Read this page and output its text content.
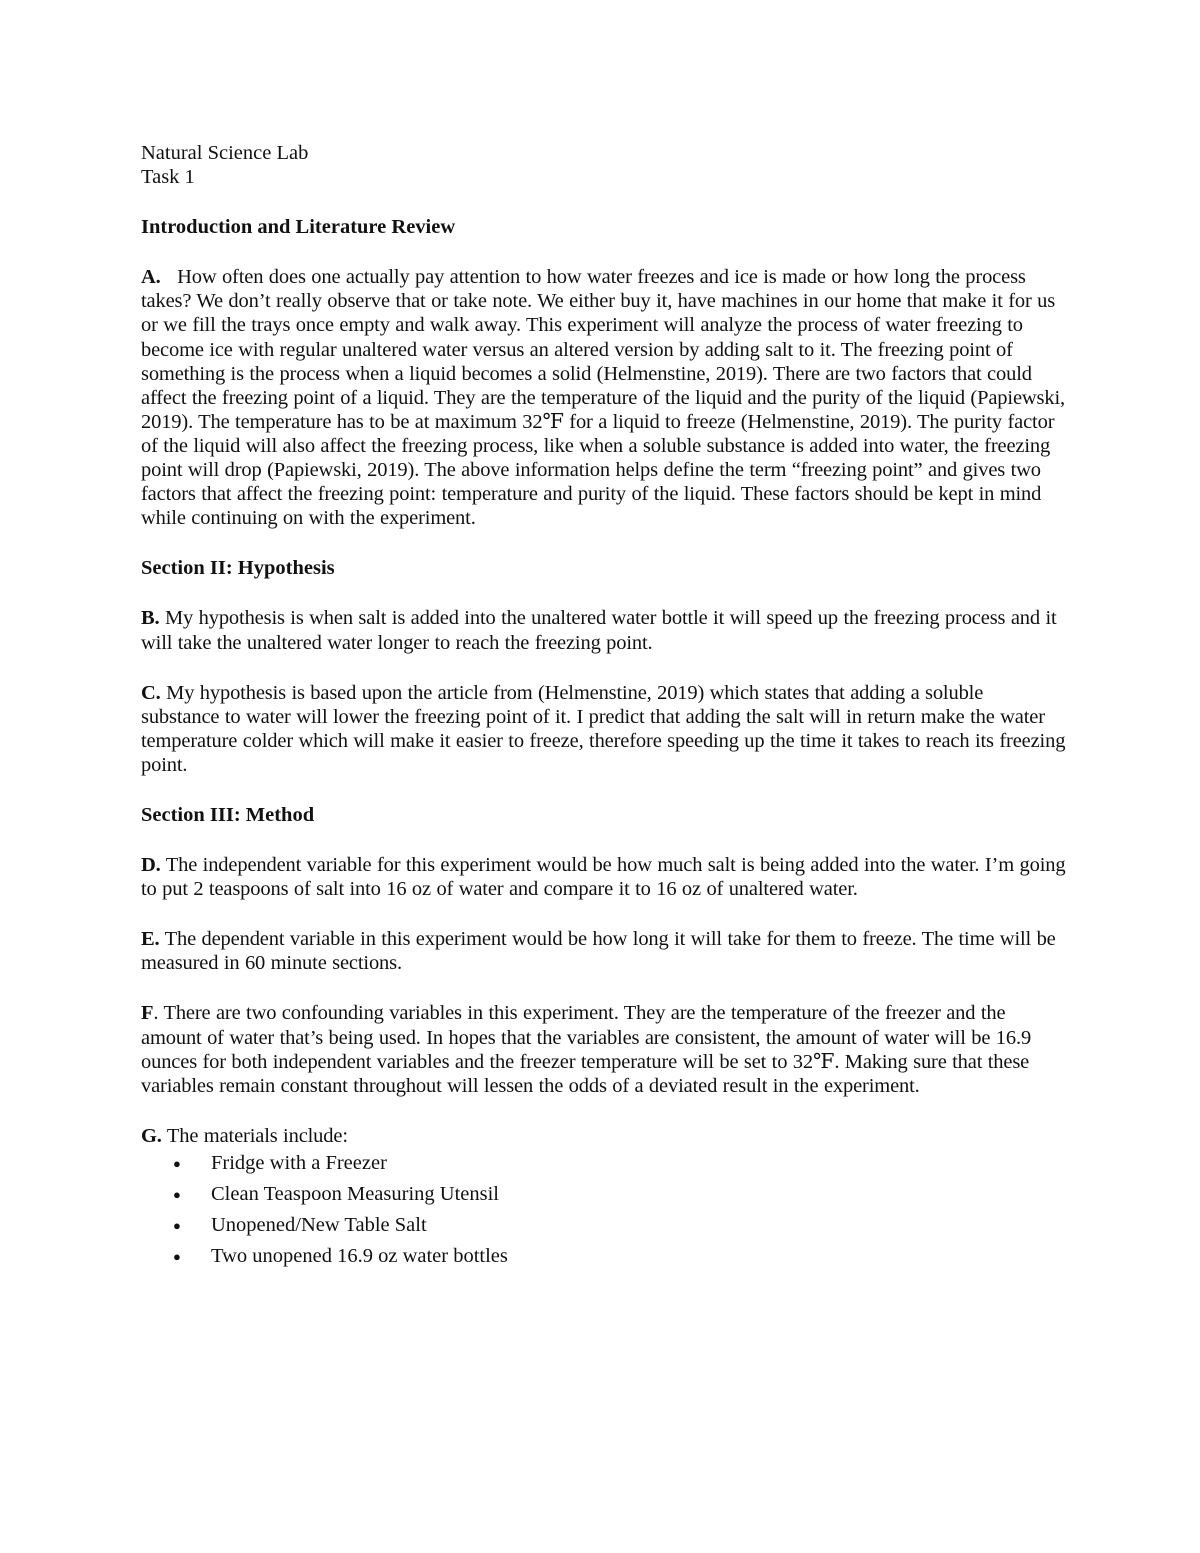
Natural Science Lab
Task 1
Introduction and Literature Review

A. How often does one actually pay attention to how water freezes and ice is made or how long the process takes? We don’t really observe that or take note. We either buy it, have machines in our home that make it for us or we fill the trays once empty and walk away. This experiment will analyze the process of water freezing to become ice with regular unaltered water versus an altered version by adding salt to it. The freezing point of something is the process when a liquid becomes a solid (Helmenstine, 2019). There are two factors that could affect the freezing point of a liquid. They are the temperature of the liquid and the purity of the liquid (Papiewski, 2019). The temperature has to be at maximum 32℉ for a liquid to freeze (Helmenstine, 2019). The purity factor of the liquid will also affect the freezing process, like when a soluble substance is added into water, the freezing point will drop (Papiewski, 2019). The above information helps define the term “freezing point” and gives two factors that affect the freezing point: temperature and purity of the liquid. These factors should be kept in mind while continuing on with the experiment.

Section II: Hypothesis

B. My hypothesis is when salt is added into the unaltered water bottle it will speed up the freezing process and it will take the unaltered water longer to reach the freezing point.

C. My hypothesis is based upon the article from (Helmenstine, 2019) which states that adding a soluble substance to water will lower the freezing point of it. I predict that adding the salt will in return make the water temperature colder which will make it easier to freeze, therefore speeding up the time it takes to reach its freezing point.

Section III: Method

D. The independent variable for this experiment would be how much salt is being added into the water. I’m going to put 2 teaspoons of salt into 16 oz of water and compare it to 16 oz of unaltered water.

E. The dependent variable in this experiment would be how long it will take for them to freeze. The time will be measured in 60 minute sections.

F. There are two confounding variables in this experiment. They are the temperature of the freezer and the amount of water that’s being used. In hopes that the variables are consistent, the amount of water will be 16.9 ounces for both independent variables and the freezer temperature will be set to 32℉. Making sure that these variables remain constant throughout will lessen the odds of a deviated result in the experiment.

G. The materials include:

● Fridge with a Freezer
● Clean Teaspoon Measuring Utensil
● Unopened/New Table Salt
● Two unopened 16.9 oz water bottles
